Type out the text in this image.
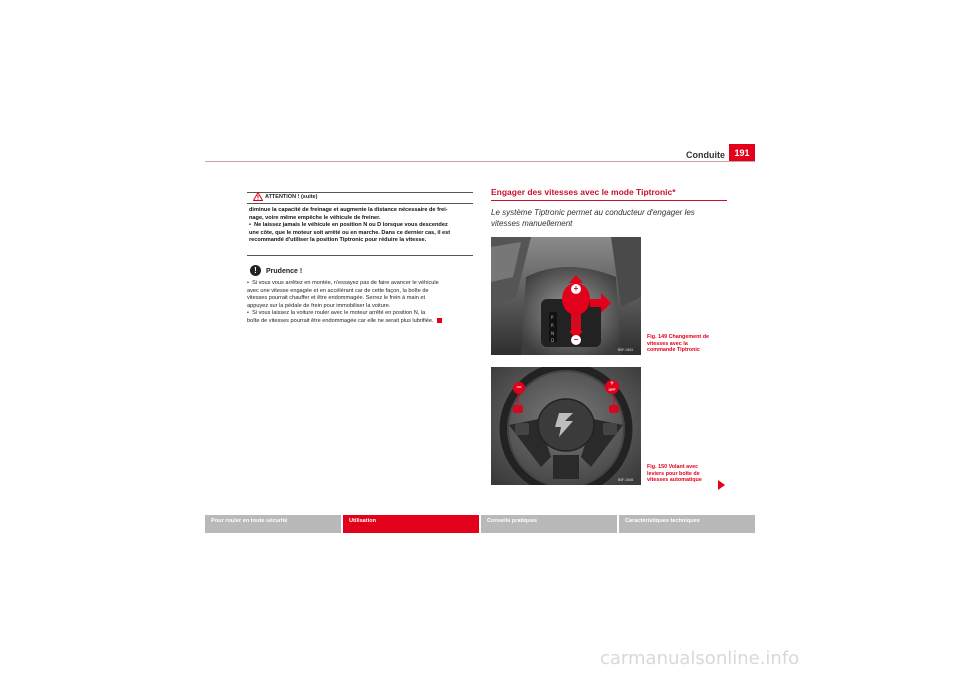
Conduite	191
ATTENTION ! (suite)
diminue la capacité de freinage et augmente la distance nécessaire de frei-
nage, voire même empêche le véhicule de freiner.
•  Ne laissez jamais le véhicule en position N ou D lorsque vous descendez
une côte, que le moteur soit arrêté ou en marche. Dans ce dernier cas, il est
recommandé d'utiliser la position Tiptronic pour réduire la vitesse.
!	Prudence !
•  Si vous vous arrêtez en montée, n'essayez pas de faire avancer le véhicule
avec une vitesse engagée et en accélérant car de cette façon, la boîte de
vitesses pourrait chauffer et être endommagée. Serrez le frein à main et
appuyez sur la pédale de frein pour immobiliser la voiture.
•  Si vous laissez la voiture rouler avec le moteur arrêté en position N, la
boîte de vitesses pourrait être endommagée car elle ne serait plus lubrifiée.
Engager des vitesses avec le mode Tiptronic*
Le système Tiptronic permet au conducteur d'engager les
vitesses manuellement
P
R
N
D
+
−
B5F-0461
Fig. 149 Changement de
vitesses avec la
commande Tiptronic
−	+
OFF
B5F-0465
Fig. 150 Volant avec
leviers pour boîte de
vitesses automatique
Pour rouler en toute sécurité	Utilisation	Conseils pratiques	Caractéristiques techniques
carmanualsonline.info
